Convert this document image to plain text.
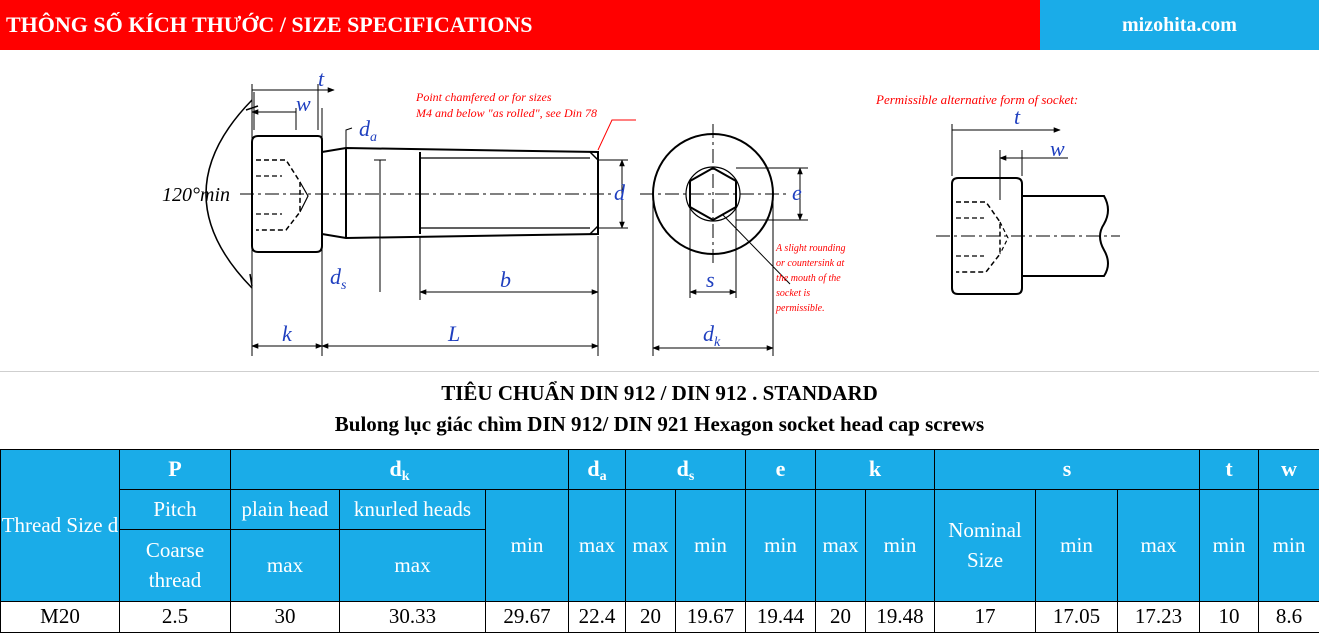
THÔNG SỐ KÍCH THƯỚC / SIZE SPECIFICATIONS	mizohita.com
t
w
$d_a$
d
$d_s$	b
k	L
120°min
Point chamfered or for sizes
M4 and below "as rolled", see Din 78
e
s
$d_k$
A slight rounding
or countersink at
the mouth of the
socket is
permissible.
Permissible alternative form of socket:
t
w
TIÊU CHUẨN DIN 912 / DIN 912 . STANDARD
Bulong lục giác chìm DIN 912/ DIN 921 Hexagon socket head cap screws
Thread Size d	P	$d_k$			$d_a$	$d_s$		e	k		s			t	w
	Pitch	plain head	knurled heads	min	max	max	min	min	max	min	Nominal Size	min	max	min	min
	Coarse thread	max	max												
M20	2.5	30	30.33	29.67	22.4	20	19.67	19.44	20	19.48	17	17.05	17.23	10	8.6
